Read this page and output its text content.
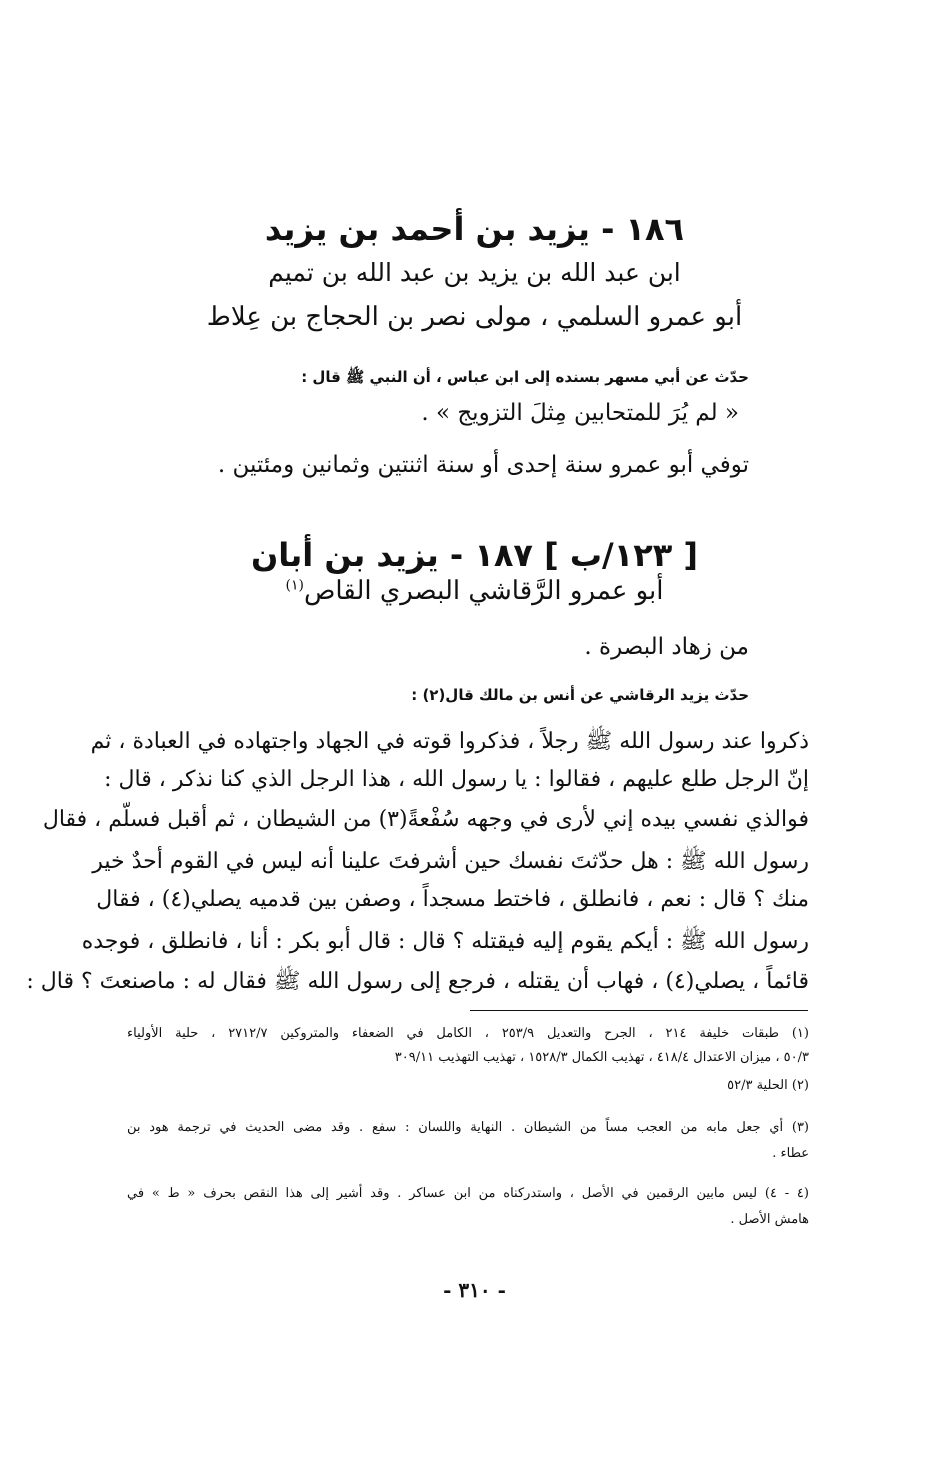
١٨٦ - يزيد بن أحمد بن يزيد
ابن عبد الله بن يزيد بن عبد الله بن تميم
أبو عمرو السلمي ، مولى نصر بن الحجاج بن عِلاط
حدّث عن أبي مسهر بسنده إلى ابن عباس ، أن النبي ﷺ قال :
« لم يُرَ للمتحابين مِثلَ التزويج » .
توفي أبو عمرو سنة إحدى أو سنة اثنتين وثمانين ومئتين .
[ ١٢٣/ب ] ١٨٧ - يزيد بن أبان
أبو عمرو الرَّقاشي البصري القاص$^{(١)}$
من زهاد البصرة .
حدّث يزيد الرقاشي عن أنس بن مالك قال(٢) :
ذكروا عند رسول الله ﷺ رجلاً ، فذكروا قوته في الجهاد واجتهاده في العبادة ، ثم
إنّ الرجل طلع عليهم ، فقالوا : يا رسول الله ، هذا الرجل الذي كنا نذكر ، قال :
فوالذي نفسي بيده إني لأرى في وجهه سُفْعةً(٣) من الشيطان ، ثم أقبل فسلّم ، فقال
رسول الله ﷺ : هل حدّثتَ نفسك حين أشرفتَ علينا أنه ليس في القوم أحدٌ خير
منك ؟ قال : نعم ، فانطلق ، فاختط مسجداً ، وصفن بين قدميه يصلي(٤) ، فقال
رسول الله ﷺ : أيكم يقوم إليه فيقتله ؟ قال : قال أبو بكر : أنا ، فانطلق ، فوجده
قائماً ، يصلي(٤) ، فهاب أن يقتله ، فرجع إلى رسول الله ﷺ فقال له : ماصنعتَ ؟ قال :
(١) طبقات خليفة ٢١٤ ، الجرح والتعديل ٢٥٣/٩ ، الكامل في الضعفاء والمتروكين ٢٧١٢/٧ ، حلية الأولياء
٥٠/٣ ، ميزان الاعتدال ٤١٨/٤ ، تهذيب الكمال ١٥٢٨/٣ ، تهذيب التهذيب ٣٠٩/١١
(٢) الحلية ٥٢/٣
(٣) أي جعل مابه من العجب مساً من الشيطان . النهاية واللسان : سفع . وقد مضى الحديث في ترجمة هود بن
عطاء .
(٤ - ٤) ليس مابين الرقمين في الأصل ، واستدركناه من ابن عساكر . وقد أشير إلى هذا النقص بحرف « ط » في
هامش الأصل .
- ٣١٠ -
